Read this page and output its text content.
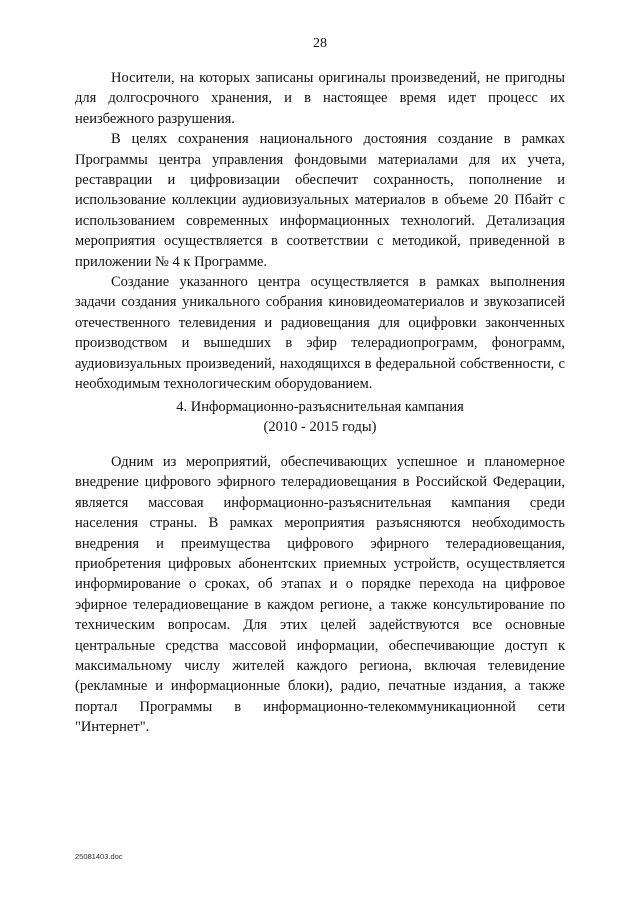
28

Носители, на которых записаны оригиналы произведений, не пригодны для долгосрочного хранения, и в настоящее время идет процесс их неизбежного разрушения.

В целях сохранения национального достояния создание в рамках Программы центра управления фондовыми материалами для их учета, реставрации и цифровизации обеспечит сохранность, пополнение и использование коллекции аудиовизуальных материалов в объеме 20 Пбайт с использованием современных информационных технологий. Детализация мероприятия осуществляется в соответствии с методикой, приведенной в приложении № 4 к Программе.

Создание указанного центра осуществляется в рамках выполнения задачи создания уникального собрания киновидеоматериалов и звукозаписей отечественного телевидения и радиовещания для оцифровки законченных производством и вышедших в эфир телерадиопрограмм, фонограмм, аудиовизуальных произведений, находящихся в федеральной собственности, с необходимым технологическим оборудованием.

4. Информационно-разъяснительная кампания
(2010 - 2015 годы)

Одним из мероприятий, обеспечивающих успешное и планомерное внедрение цифрового эфирного телерадиовещания в Российской Федерации, является массовая информационно-разъяснительная кампания среди населения страны. В рамках мероприятия разъясняются необходимость внедрения и преимущества цифрового эфирного телерадиовещания, приобретения цифровых абонентских приемных устройств, осуществляется информирование о сроках, об этапах и о порядке перехода на цифровое эфирное телерадиовещание в каждом регионе, а также консультирование по техническим вопросам. Для этих целей задействуются все основные центральные средства массовой информации, обеспечивающие доступ к максимальному числу жителей каждого региона, включая телевидение (рекламные и информационные блоки), радио, печатные издания, а также портал Программы в информационно-телекоммуникационной сети "Интернет".

25081403.doc
